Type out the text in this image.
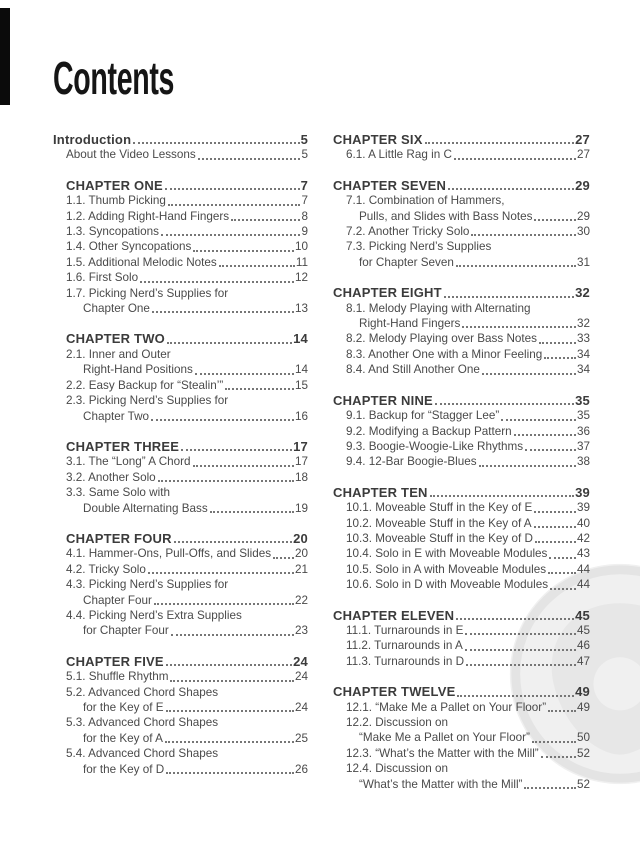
Contents
Introduction	5
About the Video Lessons	5
CHAPTER ONE	7
1.1. Thumb Picking	7
1.2. Adding Right-Hand Fingers	8
1.3. Syncopations	9
1.4. Other Syncopations	10
1.5. Additional Melodic Notes	11
1.6. First Solo	12
1.7. Picking Nerd’s Supplies for
Chapter One	13
CHAPTER TWO	14
2.1. Inner and Outer
Right-Hand Positions	14
2.2. Easy Backup for “Stealin’”	15
2.3. Picking Nerd’s Supplies for
Chapter Two	16
CHAPTER THREE	17
3.1. The “Long” A Chord	17
3.2. Another Solo	18
3.3. Same Solo with
Double Alternating Bass	19
CHAPTER FOUR	20
4.1. Hammer-Ons, Pull-Offs, and Slides 20
4.2. Tricky Solo	21
4.3. Picking Nerd’s Supplies for
Chapter Four	22
4.4. Picking Nerd’s Extra Supplies
for Chapter Four	23
CHAPTER FIVE	24
5.1. Shuffle Rhythm	24
5.2. Advanced Chord Shapes
for the Key of E	24
5.3. Advanced Chord Shapes
for the Key of A	25
5.4. Advanced Chord Shapes
for the Key of D	26
CHAPTER SIX	27
6.1. A Little Rag in C	27
CHAPTER SEVEN	29
7.1. Combination of Hammers,
Pulls, and Slides with Bass Notes	29
7.2. Another Tricky Solo	30
7.3. Picking Nerd’s Supplies
for Chapter Seven	31
CHAPTER EIGHT	32
8.1. Melody Playing with Alternating
Right-Hand Fingers	32
8.2. Melody Playing over Bass Notes	33
8.3. Another One with a Minor Feeling	34
8.4. And Still Another One	34
CHAPTER NINE	35
9.1. Backup for “Stagger Lee”	35
9.2. Modifying a Backup Pattern	36
9.3. Boogie-Woogie-Like Rhythms	37
9.4. 12-Bar Boogie-Blues	38
CHAPTER TEN	39
10.1. Moveable Stuff in the Key of E	39
10.2. Moveable Stuff in the Key of A	40
10.3. Moveable Stuff in the Key of D	42
10.4. Solo in E with Moveable Modules	43
10.5. Solo in A with Moveable Modules	44
10.6. Solo in D with Moveable Modules 44
CHAPTER ELEVEN	45
11.1. Turnarounds in E	45
11.2. Turnarounds in A	46
11.3. Turnarounds in D	47
CHAPTER TWELVE	49
12.1. “Make Me a Pallet on Your Floor”	49
12.2. Discussion on
“Make Me a Pallet on Your Floor”	50
12.3. “What’s the Matter with the Mill”	52
12.4. Discussion on
“What’s the Matter with the Mill”	52
